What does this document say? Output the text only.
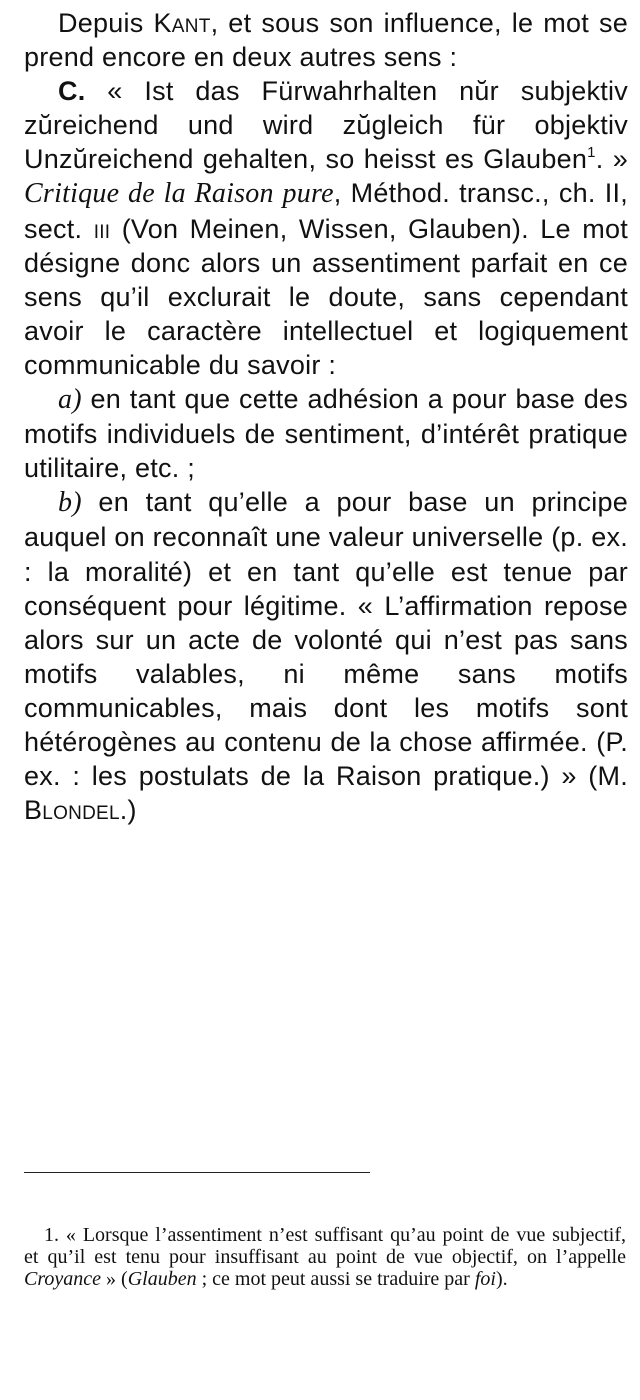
Depuis Kant, et sous son influence, le mot se prend encore en deux autres sens :

C. « Ist das Fürwahrhalten nŭr subjektiv zŭreichend und wird zŭgleich für objektiv Unzŭreichend gehalten, so heisst es Glauben$^1$. » Critique de la Raison pure, Méthod. transc., ch. II, sect. iii (Von Meinen, Wissen, Glauben). Le mot désigne donc alors un assentiment parfait en ce sens qu’il exclurait le doute, sans cependant avoir le caractère intellectuel et logiquement communicable du savoir :

a) en tant que cette adhésion a pour base des motifs individuels de sentiment, d’intérêt pratique utilitaire, etc. ;

b) en tant qu’elle a pour base un principe auquel on reconnaît une valeur universelle (p. ex. : la moralité) et en tant qu’elle est tenue par conséquent pour légitime. « L’affirmation repose alors sur un acte de volonté qui n’est pas sans motifs valables, ni même sans motifs communicables, mais dont les motifs sont hétérogènes au contenu de la chose affirmée. (P. ex. : les postulats de la Raison pratique.) » (M. Blondel.)

1. « Lorsque l’assentiment n’est suffisant qu’au point de vue subjectif, et qu’il est tenu pour insuffisant au point de vue objectif, on l’appelle Croyance » (Glauben ; ce mot peut aussi se traduire par foi).
